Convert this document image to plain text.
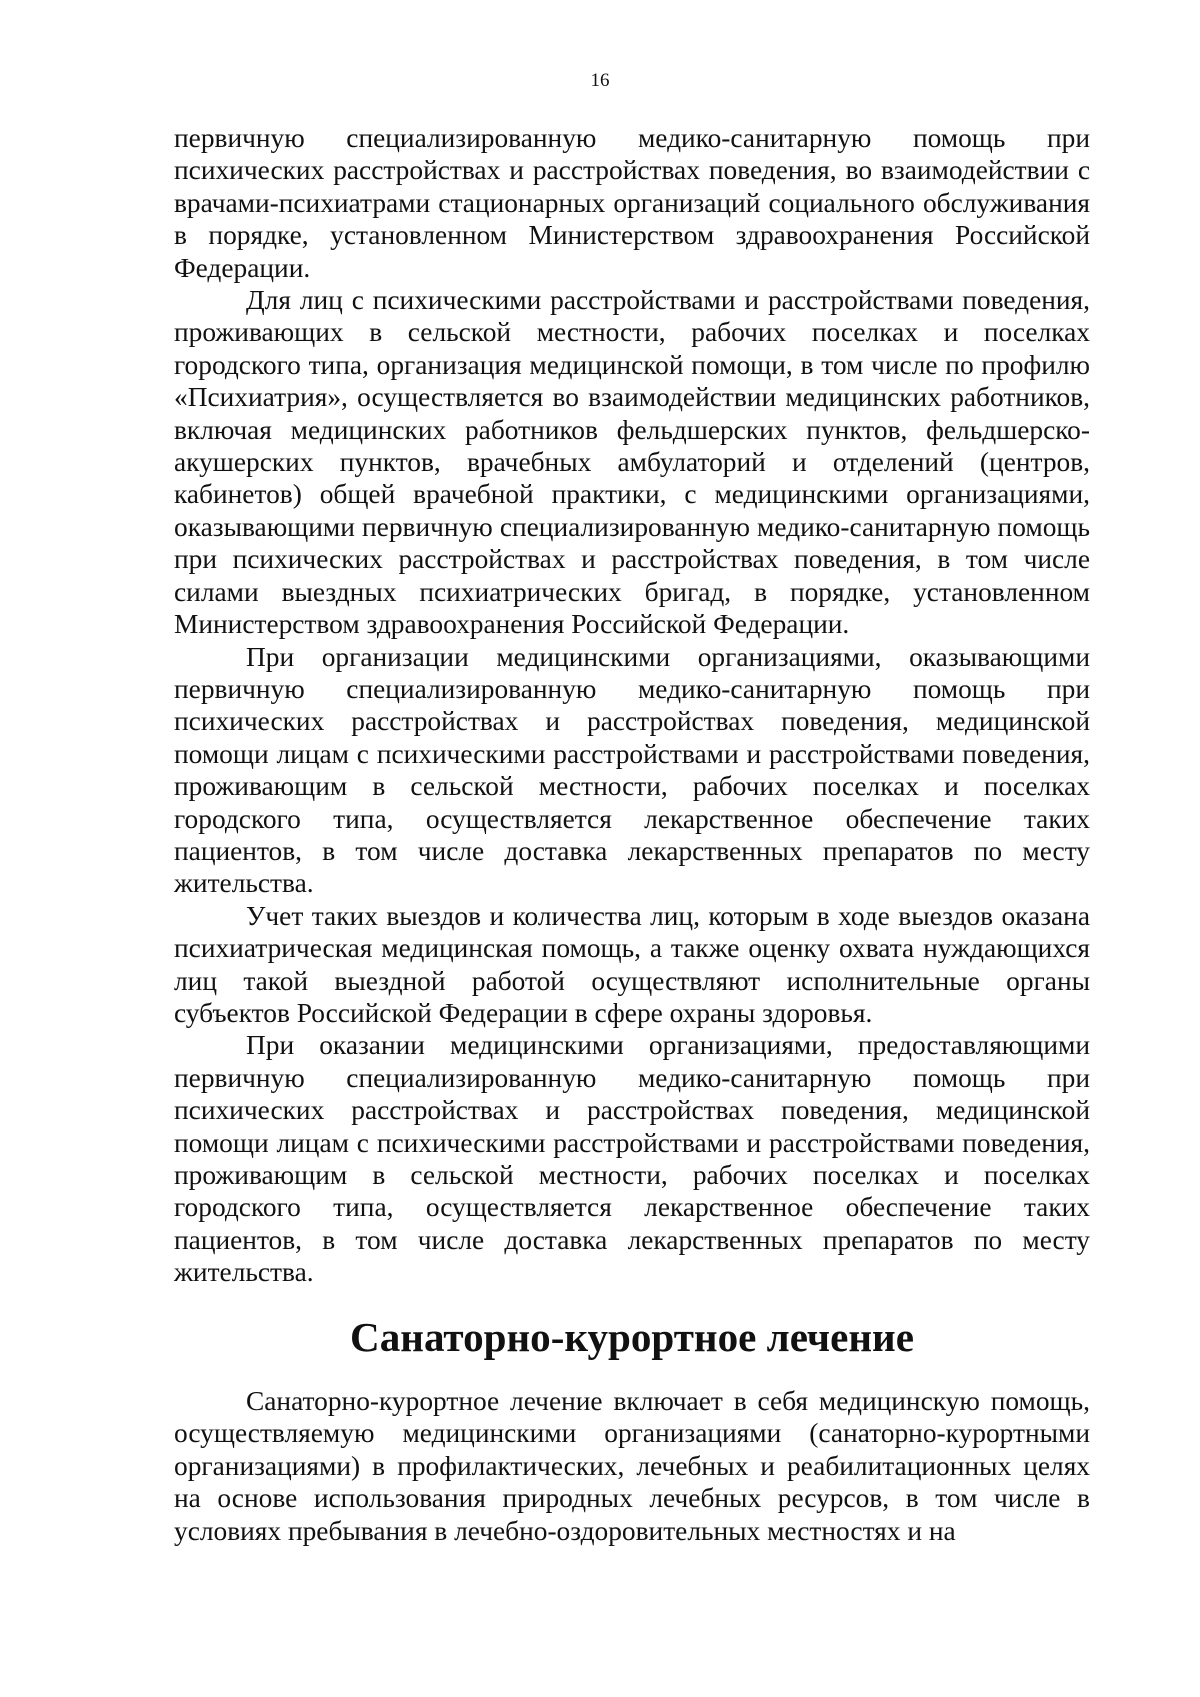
16

первичную специализированную медико-санитарную помощь при психических расстройствах и расстройствах поведения, во взаимодействии с врачами-психиатрами стационарных организаций социального обслуживания в порядке, установленном Министерством здравоохранения Российской Федерации.

Для лиц с психическими расстройствами и расстройствами поведения, проживающих в сельской местности, рабочих поселках и поселках городского типа, организация медицинской помощи, в том числе по профилю «Психиатрия», осуществляется во взаимодействии медицинских работников, включая медицинских работников фельдшерских пунктов, фельдшерско-акушерских пунктов, врачебных амбулаторий и отделений (центров, кабинетов) общей врачебной практики, с медицинскими организациями, оказывающими первичную специализированную медико-санитарную помощь при психических расстройствах и расстройствах поведения, в том числе силами выездных психиатрических бригад, в порядке, установленном Министерством здравоохранения Российской Федерации.

При организации медицинскими организациями, оказывающими первичную специализированную медико-санитарную помощь при психических расстройствах и расстройствах поведения, медицинской помощи лицам с психическими расстройствами и расстройствами поведения, проживающим в сельской местности, рабочих поселках и поселках городского типа, осуществляется лекарственное обеспечение таких пациентов, в том числе доставка лекарственных препаратов по месту жительства.

Учет таких выездов и количества лиц, которым в ходе выездов оказана психиатрическая медицинская помощь, а также оценку охвата нуждающихся лиц такой выездной работой осуществляют исполнительные органы субъектов Российской Федерации в сфере охраны здоровья.

При оказании медицинскими организациями, предоставляющими первичную специализированную медико-санитарную помощь при психических расстройствах и расстройствах поведения, медицинской помощи лицам с психическими расстройствами и расстройствами поведения, проживающим в сельской местности, рабочих поселках и поселках городского типа, осуществляется лекарственное обеспечение таких пациентов, в том числе доставка лекарственных препаратов по месту жительства.

Санаторно-курортное лечение

Санаторно-курортное лечение включает в себя медицинскую помощь, осуществляемую медицинскими организациями (санаторно-курортными организациями) в профилактических, лечебных и реабилитационных целях на основе использования природных лечебных ресурсов, в том числе в условиях пребывания в лечебно-оздоровительных местностях и на
